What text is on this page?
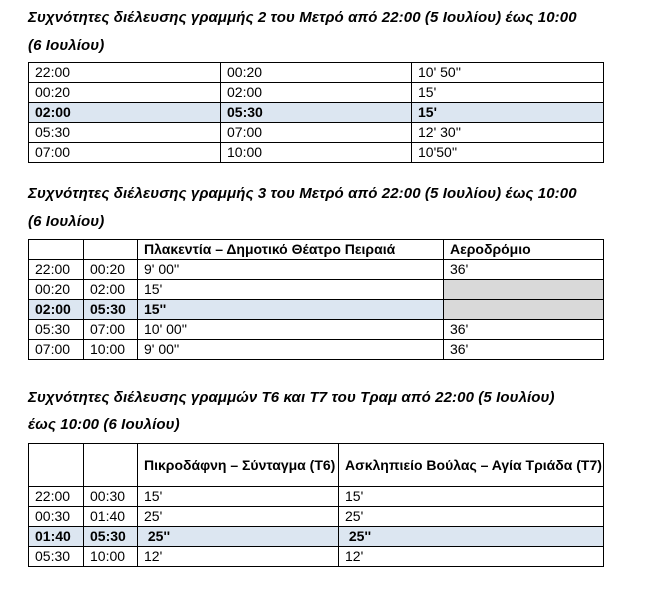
Συχνότητες διέλευσης γραμμής 2 του Μετρό από 22:00 (5 Ιουλίου) έως 10:00
(6 Ιουλίου)
22:00	00:20	10' 50''
00:20	02:00	15'
02:00	05:30	15'
05:30	07:00	12' 30''
07:00	10:00	10'50''
Συχνότητες διέλευσης γραμμής 3 του Μετρό από 22:00 (5 Ιουλίου) έως 10:00
(6 Ιουλίου)
		Πλακεντία – Δημοτικό Θέατρο Πειραιά	Αεροδρόμιο
22:00	00:20	9' 00''	36'
00:20	02:00	15'	
02:00	05:30	15''	
05:30	07:00	10' 00''	36'
07:00	10:00	9' 00''	36'
Συχνότητες διέλευσης γραμμών Τ6 και Τ7 του Τραμ από 22:00 (5 Ιουλίου)
έως 10:00 (6 Ιουλίου)
		Πικροδάφνη – Σύνταγμα (Τ6)	Ασκληπιείο Βούλας – Αγία Τριάδα (Τ7)
22:00	00:30	15'	15'
00:30	01:40	25'	25'
01:40	05:30	25''	25''
05:30	10:00	12'	12'
